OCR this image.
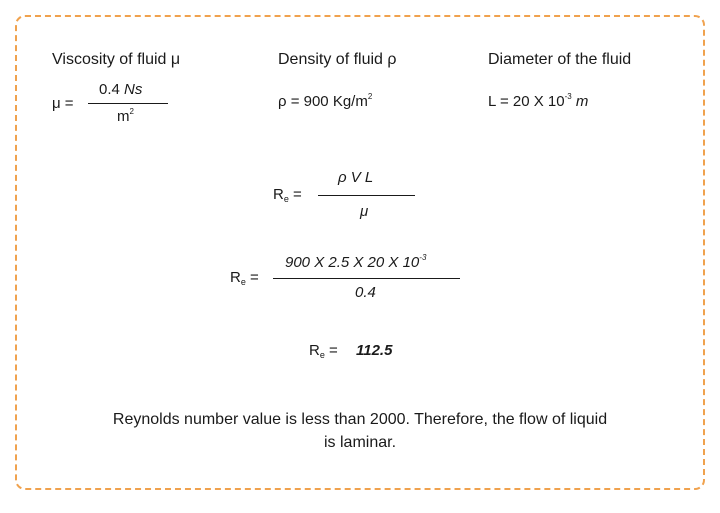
Viscosity of fluid μ
μ =
0.4 Ns
$m^2$
Density of fluid ρ
ρ = 900 $Kg/m^2$
Diameter of the fluid
L = 20 X $10^{-3}$ m
$R_e$ =
ρ V L
μ
$R_e$ =
900 X 2.5 X 20 X $10^{-3}$
0.4
$R_e = 112.5$
Reynolds number value is less than 2000. Therefore, the flow of liquid
is laminar.
